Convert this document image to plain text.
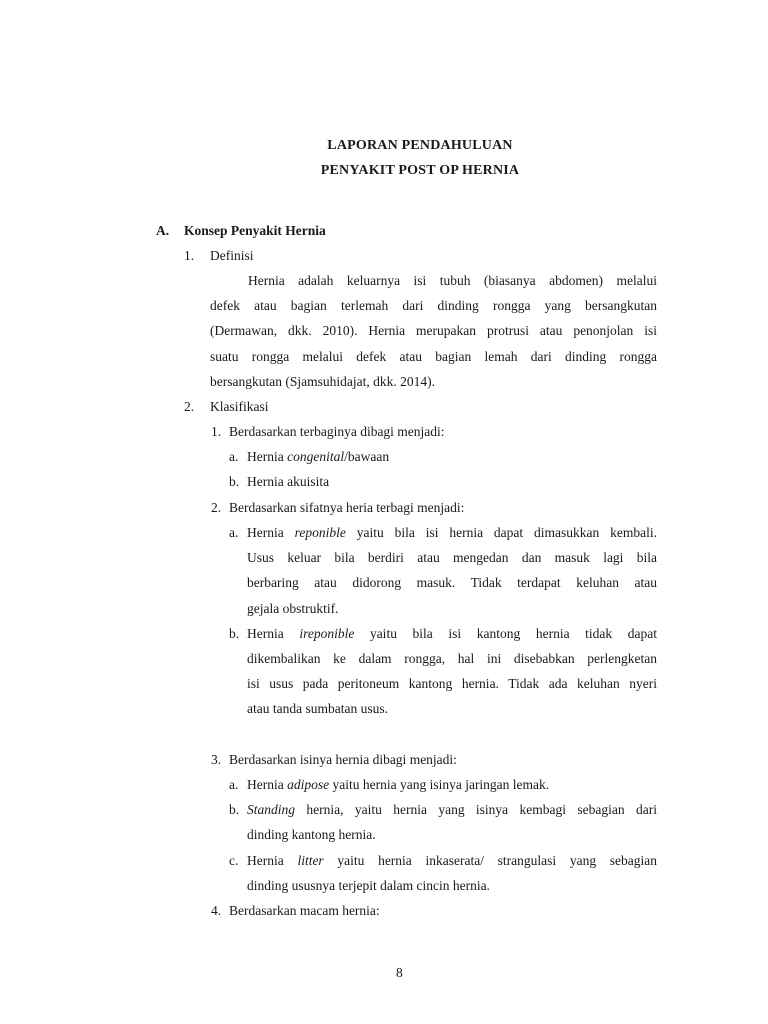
LAPORAN PENDAHULUAN
PENYAKIT POST OP HERNIA
A. Konsep Penyakit Hernia
1. Definisi
Hernia adalah keluarnya isi tubuh (biasanya abdomen) melalui
defek atau bagian terlemah dari dinding rongga yang bersangkutan
(Dermawan, dkk. 2010). Hernia merupakan protrusi atau penonjolan isi
suatu rongga melalui defek atau bagian lemah dari dinding rongga
bersangkutan (Sjamsuhidajat, dkk. 2014).
2. Klasifikasi
1. Berdasarkan terbaginya dibagi menjadi:
a. Hernia congenital/bawaan
b. Hernia akuisita
2. Berdasarkan sifatnya heria terbagi menjadi:
a. Hernia reponible yaitu bila isi hernia dapat dimasukkan kembali.
Usus keluar bila berdiri atau mengedan dan masuk lagi bila
berbaring atau didorong masuk. Tidak terdapat keluhan atau
gejala obstruktif.
b. Hernia ireponible yaitu bila isi kantong hernia tidak dapat
dikembalikan ke dalam rongga, hal ini disebabkan perlengketan
isi usus pada peritoneum kantong hernia. Tidak ada keluhan nyeri
atau tanda sumbatan usus.
3. Berdasarkan isinya hernia dibagi menjadi:
a. Hernia adipose yaitu hernia yang isinya jaringan lemak.
b. Standing hernia, yaitu hernia yang isinya kembagi sebagian dari
dinding kantong hernia.
c. Hernia litter yaitu hernia inkaserata/ strangulasi yang sebagian
dinding ususnya terjepit dalam cincin hernia.
4. Berdasarkan macam hernia:
8
